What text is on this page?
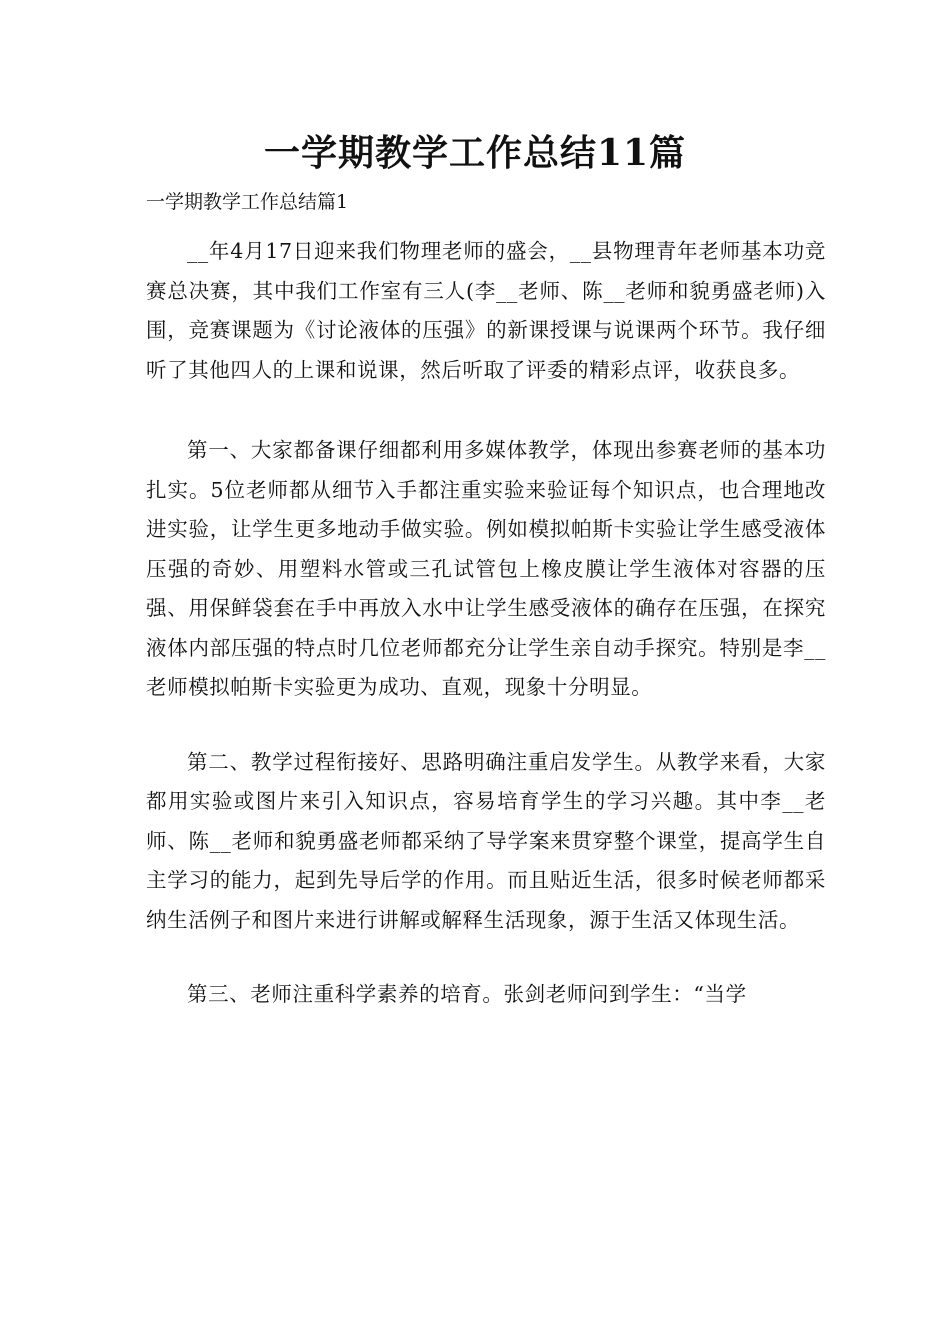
一学期教学工作总结11篇

一学期教学工作总结篇1

__年4月17日迎来我们物理老师的盛会，__县物理青年老师基本功竞赛总决赛，其中我们工作室有三人(李__老师、陈__老师和貌勇盛老师)入围，竞赛课题为《讨论液体的压强》的新课授课与说课两个环节。我仔细听了其他四人的上课和说课，然后听取了评委的精彩点评，收获良多。

第一、大家都备课仔细都利用多媒体教学，体现出参赛老师的基本功扎实。5位老师都从细节入手都注重实验来验证每个知识点，也合理地改进实验，让学生更多地动手做实验。例如模拟帕斯卡实验让学生感受液体压强的奇妙、用塑料水管或三孔试管包上橡皮膜让学生液体对容器的压强、用保鲜袋套在手中再放入水中让学生感受液体的确存在压强，在探究液体内部压强的特点时几位老师都充分让学生亲自动手探究。特别是李__老师模拟帕斯卡实验更为成功、直观，现象十分明显。

第二、教学过程衔接好、思路明确注重启发学生。从教学来看，大家都用实验或图片来引入知识点，容易培育学生的学习兴趣。其中李__老师、陈__老师和貌勇盛老师都采纳了导学案来贯穿整个课堂，提高学生自主学习的能力，起到先导后学的作用。而且贴近生活，很多时候老师都采纳生活例子和图片来进行讲解或解释生活现象，源于生活又体现生活。

第三、老师注重科学素养的培育。张剑老师问到学生：“当学
